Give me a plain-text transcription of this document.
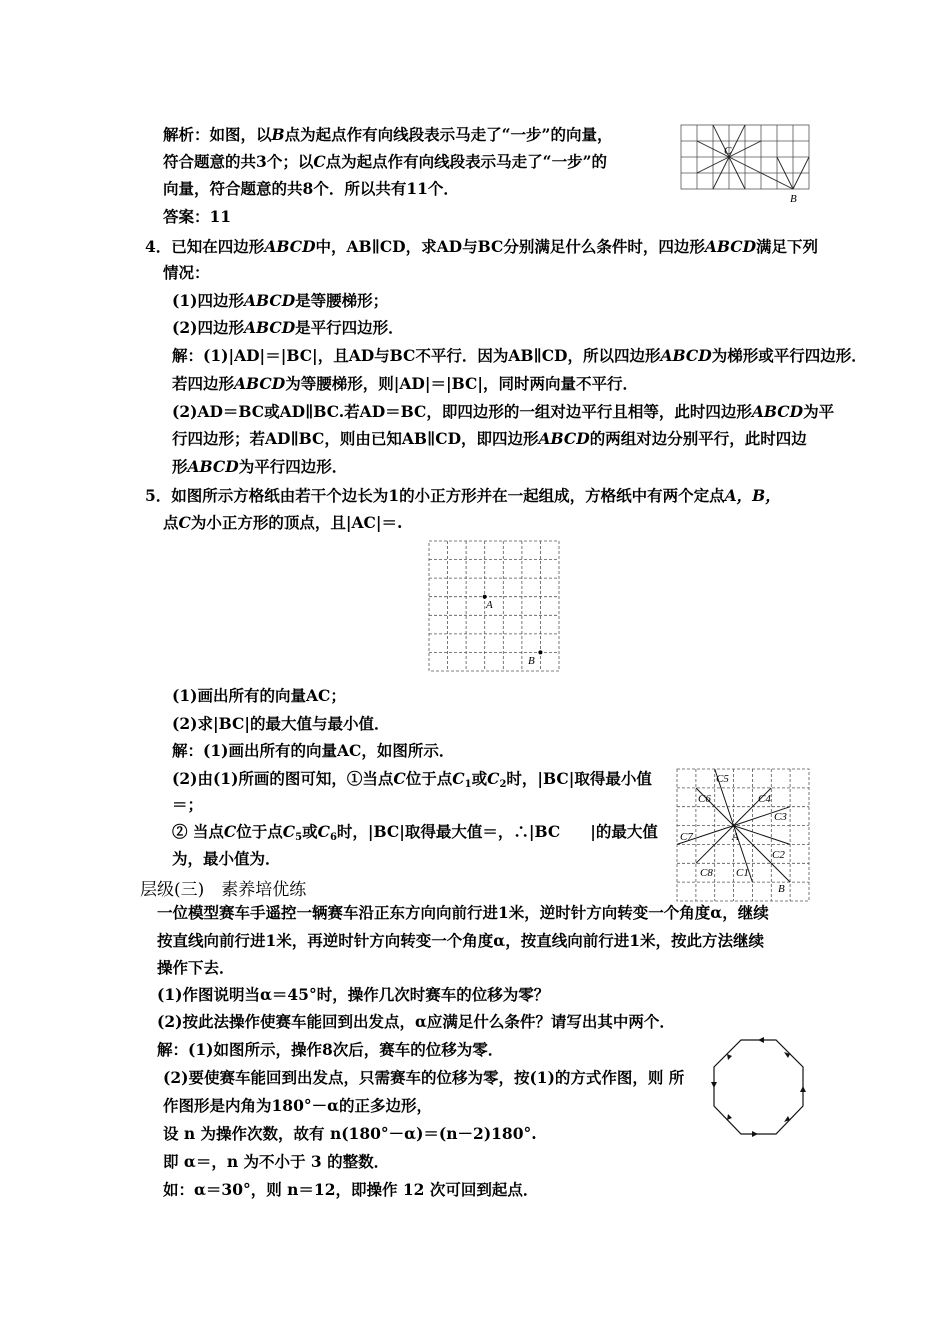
解析：如图，以B点为起点作有向线段表示马走了“一步”的向量，
符合题意的共3个；以C点为起点作有向线段表示马走了“一步”的
向量，符合题意的共8个．所以共有11个．
答案：11
C
B
4．已知在四边形ABCD中，AB∥CD，求AD与BC分别满足什么条件时，四边形ABCD满足下列
情况：
(1)四边形ABCD是等腰梯形；
(2)四边形ABCD是平行四边形．
解：(1)|AD|＝|BC|，且AD与BC不平行．因为AB∥CD，所以四边形ABCD为梯形或平行四边形．
若四边形ABCD为等腰梯形，则|AD|＝|BC|，同时两向量不平行．
(2)AD＝BC或AD∥BC.若AD＝BC，即四边形的一组对边平行且相等，此时四边形ABCD为平
行四边形；若AD∥BC，则由已知AB∥CD，即四边形ABCD的两组对边分别平行，此时四边
形ABCD为平行四边形．
5．如图所示方格纸由若干个边长为1的小正方形并在一起组成，方格纸中有两个定点A，B，
点C为小正方形的顶点，且|AC|＝.
A
B
(1)画出所有的向量AC；
(2)求|BC|的最大值与最小值．
解：(1)画出所有的向量AC，如图所示．
(2)由(1)所画的图可知，①当点C位于点$C_1$或$C_2$时，|BC|取得最小值
＝；
② 当点C位于点$C_5$或$C_6$时，|BC|取得最大值＝，∴|BC |的最大值
为，最小值为．
C5
C6	C4
C3
C7
C2
C8 C1
A
B
层级(三)　素养培优练
一位模型赛车手遥控一辆赛车沿正东方向向前行进1米，逆时针方向转变一个角度α，继续
按直线向前行进1米，再逆时针方向转变一个角度α，按直线向前行进1米，按此方法继续
操作下去．
(1)作图说明当α＝45°时，操作几次时赛车的位移为零？
(2)按此法操作使赛车能回到出发点，α应满足什么条件？请写出其中两个．
解：(1)如图所示，操作8次后，赛车的位移为零．
(2)要使赛车能回到出发点，只需赛车的位移为零，按(1)的方式作图，则 所
作图形是内角为180°－α的正多边形，
设 n 为操作次数，故有 n(180°－α)＝(n－2)180°.
即 α＝，n 为不小于 3 的整数．
如：α＝30°，则 n＝12，即操作 12 次可回到起点．
